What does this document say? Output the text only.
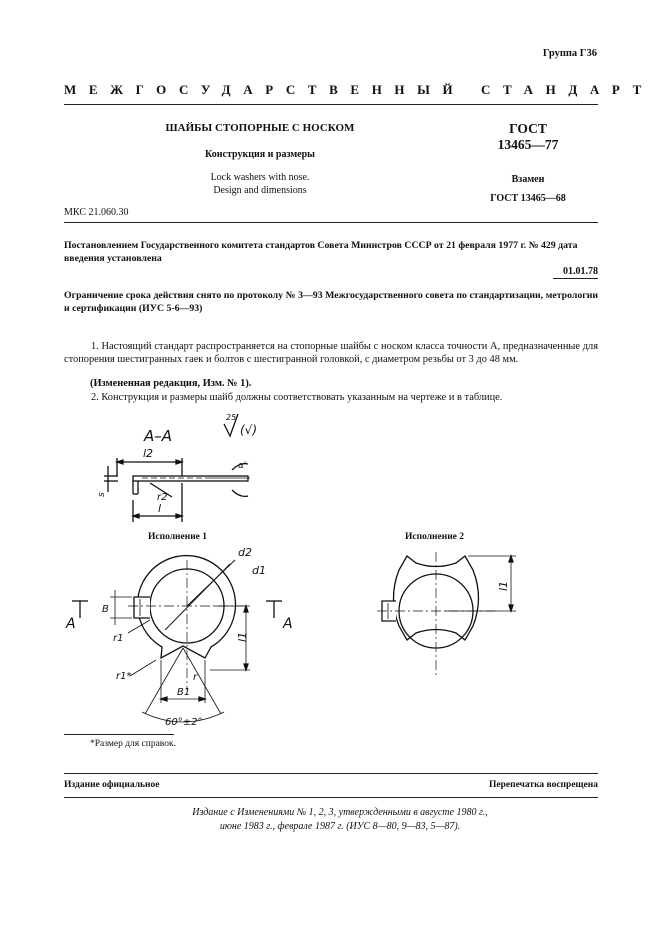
Группа Г36
МЕЖГОСУДАРСТВЕННЫЙ СТАНДАРТ
ШАЙБЫ СТОПОРНЫЕ С НОСКОМ
Конструкция и размеры
Lock washers with nose.
Design and dimensions
ГОСТ
13465—77
Взамен
ГОСТ 13465—68
МКС 21.060.30
Постановлением Государственного комитета стандартов Совета Министров СССР от 21 февраля 1977 г. № 429 дата введения установлена
01.01.78
Ограничение срока действия снято по протоколу № 3—93 Межгосударственного совета по стандартизации, метрологии и сертификации (ИУС 5-6—93)
1. Настоящий стандарт распространяется на стопорные шайбы с носком класса точности А, предназначенные для стопорения шестигранных гаек и болтов с шестигранной головкой, с диаметром резьбы от 3 до 48 мм.
(Измененная редакция, Изм. № 1).
2. Конструкция и размеры шайб должны соответствовать указанным на чертеже и в таблице.
А–А
25
(√)
l2
s
l
r2
α'
Исполнение 1
d2
d1
B
А	А
r1	l1
r1*	r
B1
60°±2°
Исполнение 2
l1
*Размер для справок.
Издание официальное	Перепечатка воспрещена
Издание с Изменениями № 1, 2, 3, утвержденными в августе 1980 г.,
июне 1983 г., феврале 1987 г. (ИУС 8—80, 9—83, 5—87).
